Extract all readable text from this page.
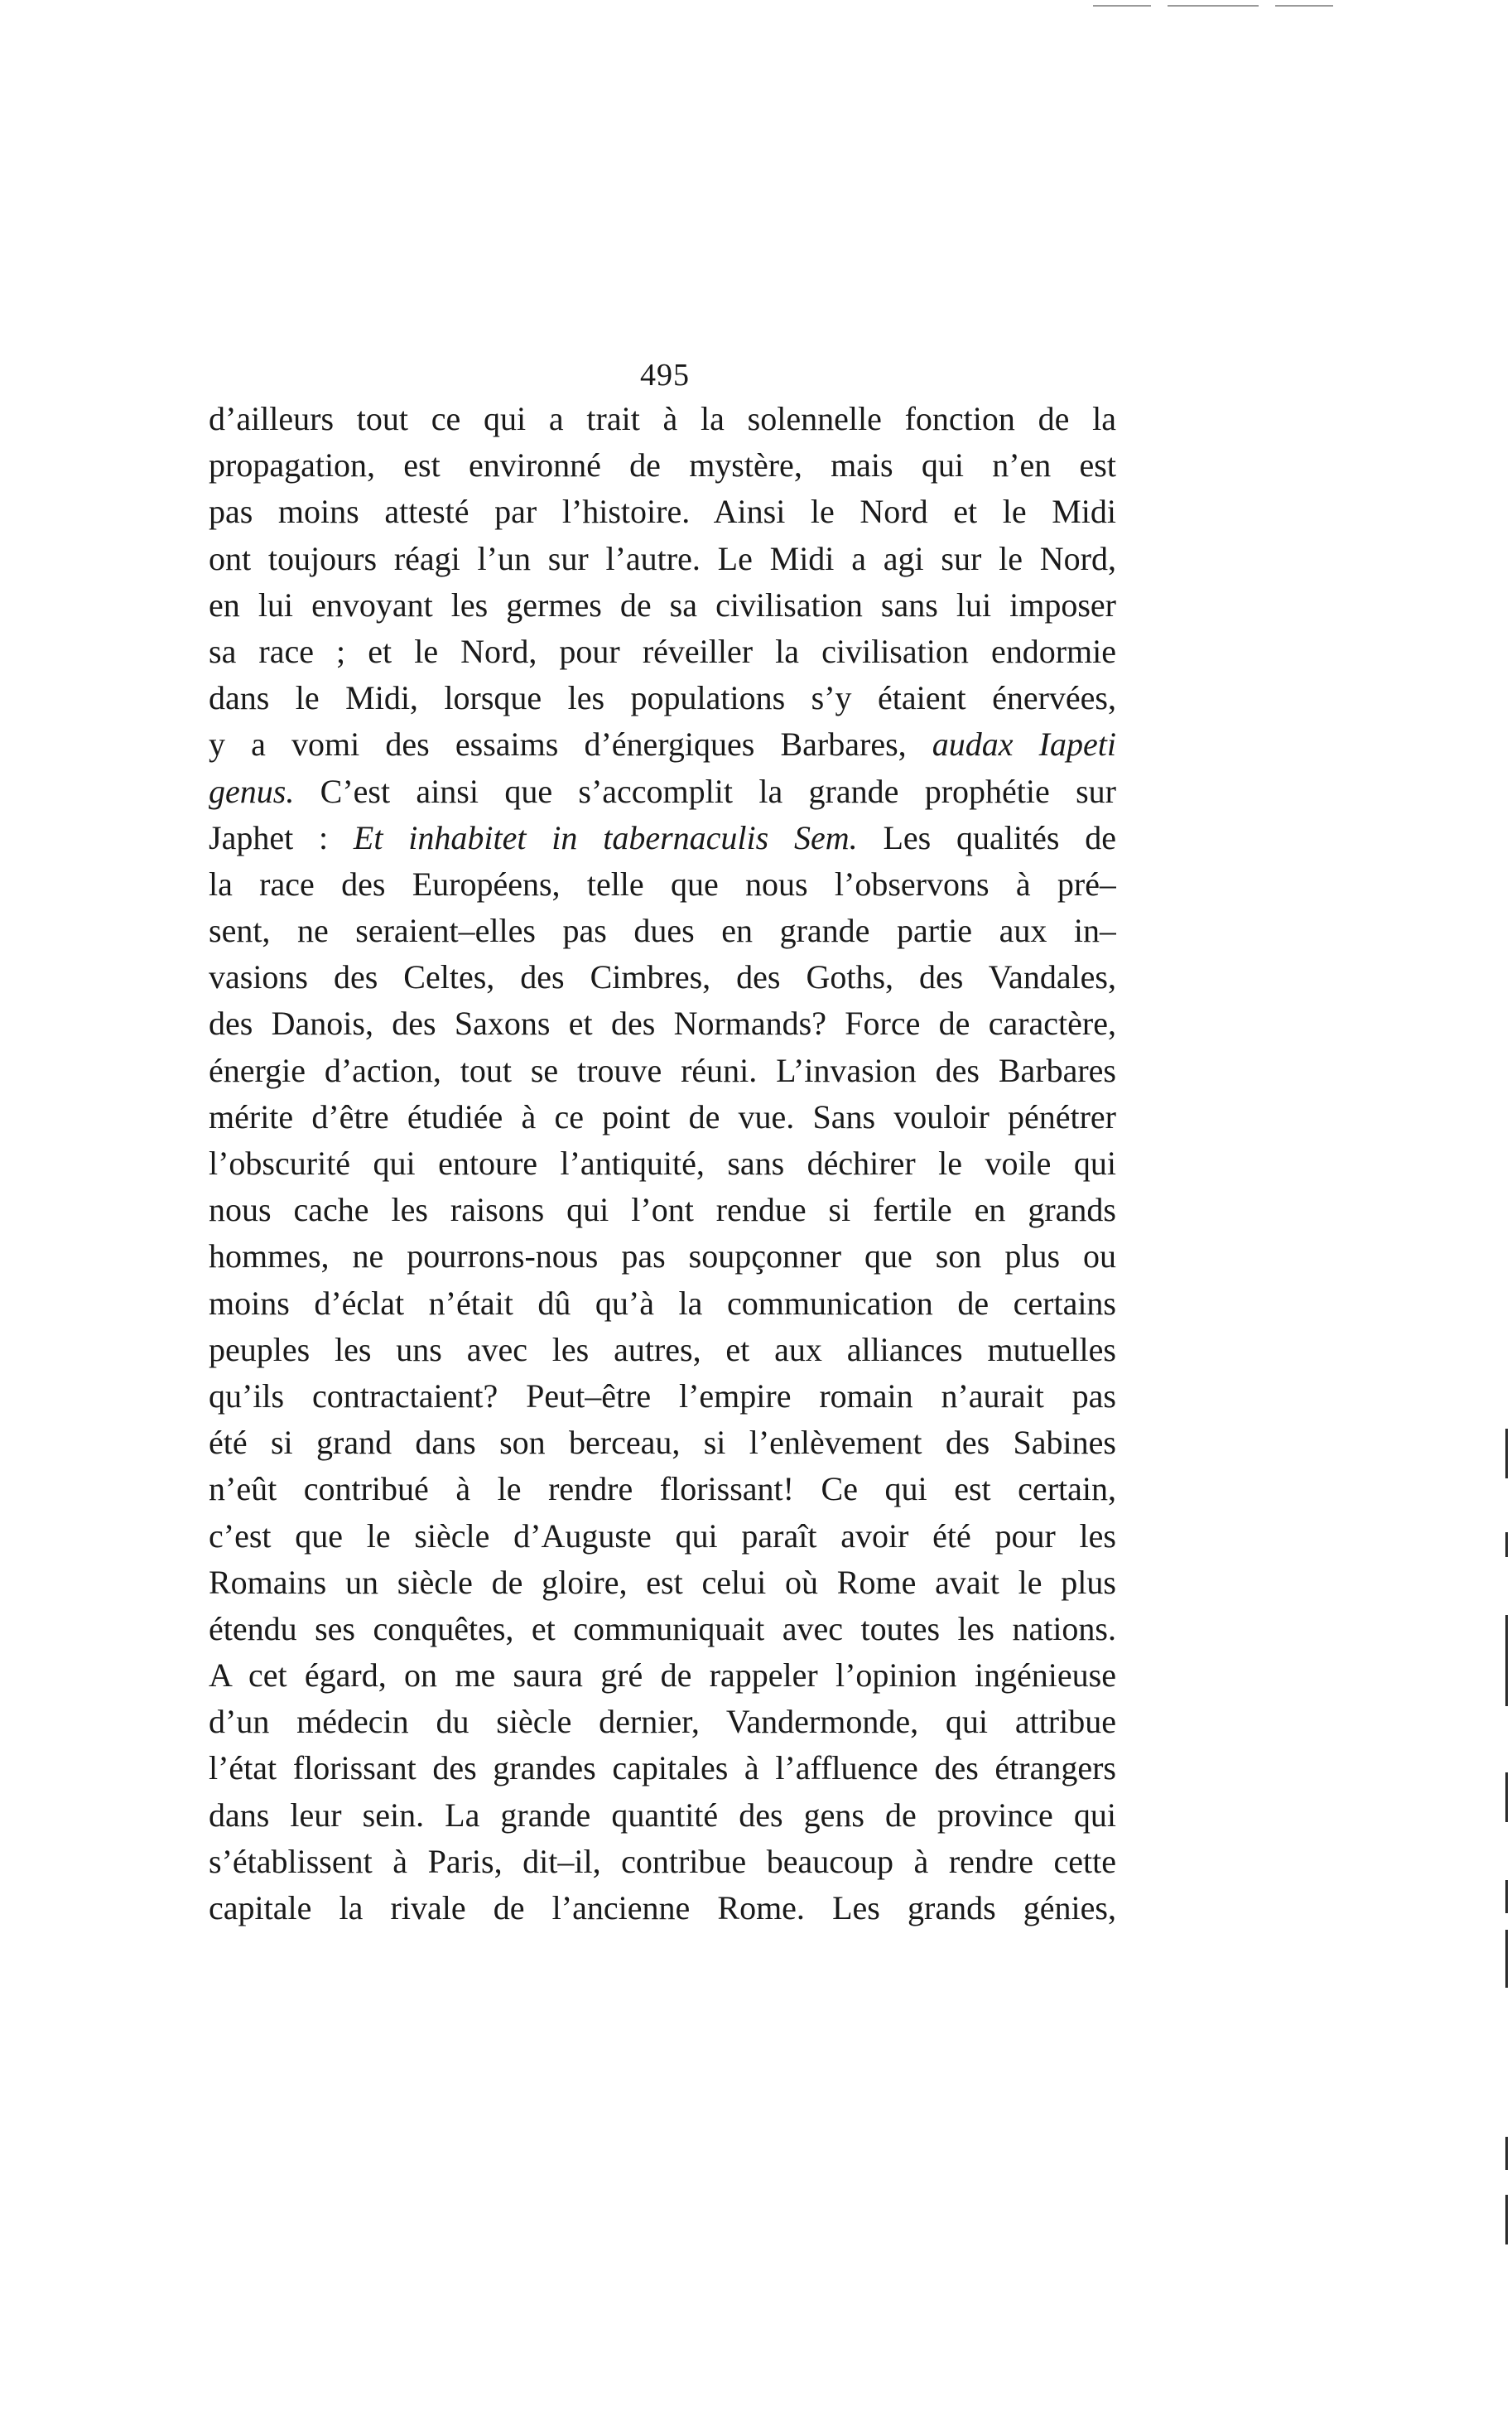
495
d’ailleurs tout ce qui a trait à la solennelle fonction de la
propagation, est environné de mystère, mais qui n’en est
pas moins attesté par l’histoire. Ainsi le Nord et le Midi
ont toujours réagi l’un sur l’autre. Le Midi a agi sur le Nord,
en lui envoyant les germes de sa civilisation sans lui imposer
sa race ; et le Nord, pour réveiller la civilisation endormie
dans le Midi, lorsque les populations s’y étaient énervées,
y a vomi des essaims d’énergiques Barbares, audax Iapeti
genus. C’est ainsi que s’accomplit la grande prophétie sur
Japhet : Et inhabitet in tabernaculis Sem. Les qualités de
la race des Européens, telle que nous l’observons à pré–
sent, ne seraient–elles pas dues en grande partie aux in–
vasions des Celtes, des Cimbres, des Goths, des Vandales,
des Danois, des Saxons et des Normands? Force de caractère,
énergie d’action, tout se trouve réuni. L’invasion des Barbares
mérite d’être étudiée à ce point de vue. Sans vouloir pénétrer
l’obscurité qui entoure l’antiquité, sans déchirer le voile qui
nous cache les raisons qui l’ont rendue si fertile en grands
hommes, ne pourrons-nous pas soupçonner que son plus ou
moins d’éclat n’était dû qu’à la communication de certains
peuples les uns avec les autres, et aux alliances mutuelles
qu’ils contractaient? Peut–être l’empire romain n’aurait pas
été si grand dans son berceau, si l’enlèvement des Sabines
n’eût contribué à le rendre florissant! Ce qui est certain,
c’est que le siècle d’Auguste qui paraît avoir été pour les
Romains un siècle de gloire, est celui où Rome avait le plus
étendu ses conquêtes, et communiquait avec toutes les nations.
A cet égard, on me saura gré de rappeler l’opinion ingénieuse
d’un médecin du siècle dernier, Vandermonde, qui attribue
l’état florissant des grandes capitales à l’affluence des étrangers
dans leur sein. La grande quantité des gens de province qui
s’établissent à Paris, dit–il, contribue beaucoup à rendre cette
capitale la rivale de l’ancienne Rome. Les grands génies,
